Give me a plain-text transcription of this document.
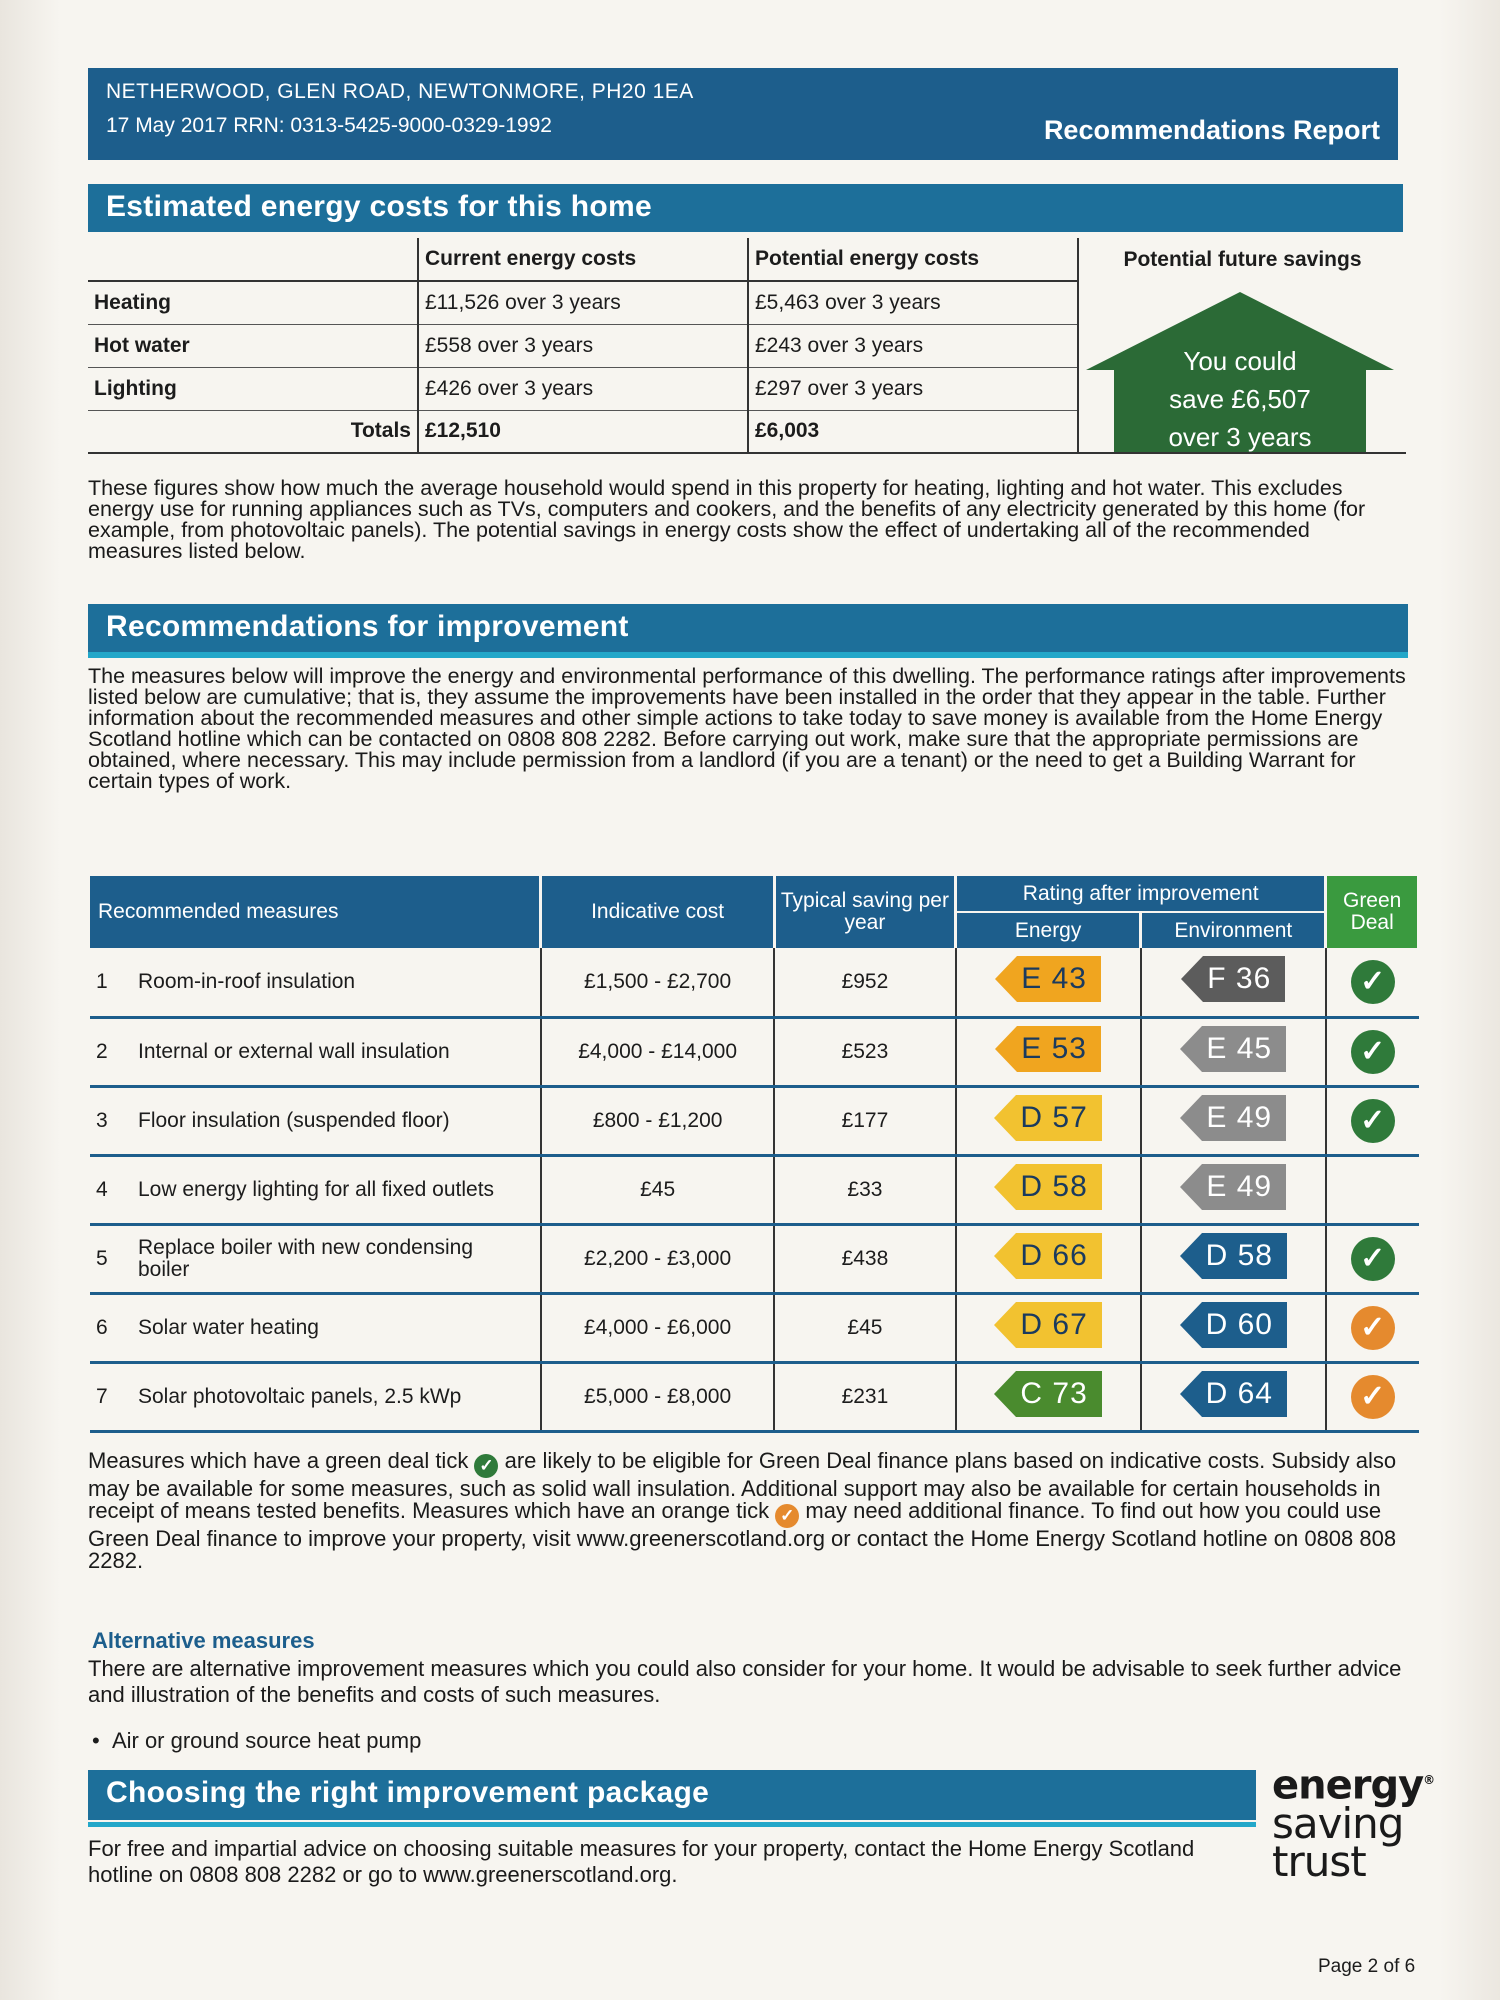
NETHERWOOD, GLEN ROAD, NEWTONMORE, PH20 1EA
17 May 2017 RRN: 0313-5425-9000-0329-1992	Recommendations Report
Estimated energy costs for this home
	Current energy costs	Potential energy costs	Potential future savings
Heating	£11,526 over 3 years	£5,463 over 3 years	
Hot water	£558 over 3 years	£243 over 3 years	
Lighting	£426 over 3 years	£297 over 3 years	
Totals	£12,510	£6,003	
You could
save £6,507
over 3 years
These figures show how much the average household would spend in this property for heating, lighting and hot water. This excludes energy use for running appliances such as TVs, computers and cookers, and the benefits of any electricity generated by this home (for example, from photovoltaic panels). The potential savings in energy costs show the effect of undertaking all of the recommended measures listed below.
Recommendations for improvement
The measures below will improve the energy and environmental performance of this dwelling. The performance ratings after improvements listed below are cumulative; that is, they assume the improvements have been installed in the order that they appear in the table. Further information about the recommended measures and other simple actions to take today to save money is available from the Home Energy Scotland hotline which can be contacted on 0808 808 2282. Before carrying out work, make sure that the appropriate permissions are obtained, where necessary. This may include permission from a landlord (if you are a tenant) or the need to get a Building Warrant for certain types of work.
Recommended measures	Indicative cost	Typical saving per year	Rating after improvement		Green Deal
			Energy	Environment	
1 Room-in-roof insulation	£1,500 - £2,700	£952	E 43	F 36	✓
2 Internal or external wall insulation	£4,000 - £14,000	£523	E 53	E 45	✓
3 Floor insulation (suspended floor)	£800 - £1,200	£177	D 57	E 49	✓
4 Low energy lighting for all fixed outlets	£45	£33	D 58	E 49	

5 Replace boiler with new condensing boiler	£2,200 - £3,000	£438	D 66	D 58	✓
6 Solar water heating	£4,000 - £6,000	£45	D 67	D 60	✓
7 Solar photovoltaic panels, 2.5 kWp	£5,000 - £8,000	£231	C 73	D 64	✓
Measures which have a green deal tick ✓ are likely to be eligible for Green Deal finance plans based on indicative costs. Subsidy also may be available for some measures, such as solid wall insulation. Additional support may also be available for certain households in receipt of means tested benefits. Measures which have an orange tick ✓ may need additional finance. To find out how you could use Green Deal finance to improve your property, visit www.greenerscotland.org or contact the Home Energy Scotland hotline on 0808 808 2282.
Alternative measures
There are alternative improvement measures which you could also consider for your home. It would be advisable to seek further advice and illustration of the benefits and costs of such measures.
•  Air or ground source heat pump
Choosing the right improvement package
For free and impartial advice on choosing suitable measures for your property, contact the Home Energy Scotland hotline on 0808 808 2282 or go to www.greenerscotland.org.
energy®
saving
trust
Page 2 of 6
